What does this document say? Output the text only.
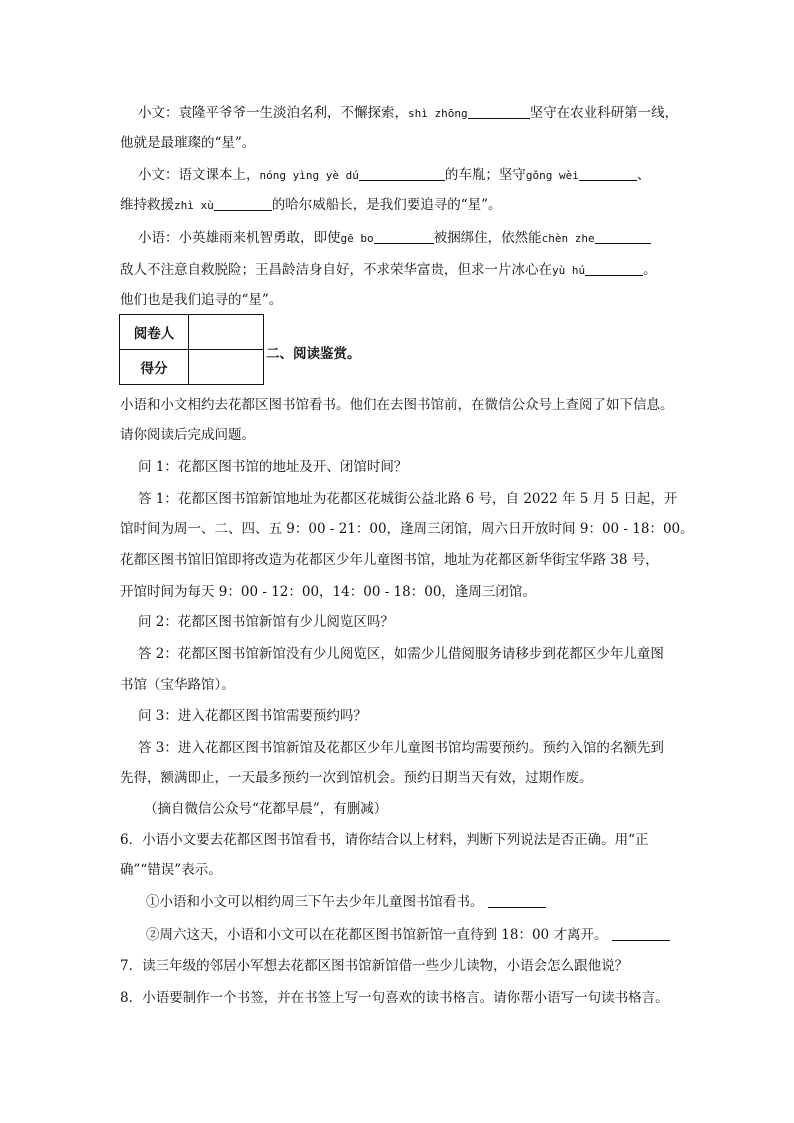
小文：袁隆平爷爷一生淡泊名利，不懈探索，shì zhōng	坚守在农业科研第一线，
他就是最璀璨的“星”。
小文：语文课本上，nóng yìng yè dú	的车胤；坚守gǒng wèi	、
维持救援zhì xù	的哈尔威船长，是我们要追寻的“星”。
小语：小英雄雨来机智勇敢，即使gē bo	被捆绑住，依然能chèn zhe
敌人不注意自救脱险；王昌龄洁身自好，不求荣华富贵，但求一片冰心在yù hú	。
他们也是我们追寻的“星”。
阅卷人	
得分	
二、阅读鉴赏。
小语和小文相约去花都区图书馆看书。他们在去图书馆前，在微信公众号上查阅了如下信息。
请你阅读后完成问题。
问 1：花都区图书馆的地址及开、闭馆时间？
答 1：花都区图书馆新馆地址为花都区花城街公益北路 6 号，自 2022 年 5 月 5 日起，开
馆时间为周一、二、四、五 9：00 - 21：00，逢周三闭馆，周六日开放时间 9：00 - 18：00。
花都区图书馆旧馆即将改造为花都区少年儿童图书馆，地址为花都区新华街宝华路 38 号，
开馆时间为每天 9：00 - 12：00，14：00 - 18：00，逢周三闭馆。
问 2：花都区图书馆新馆有少儿阅览区吗？
答 2：花都区图书馆新馆没有少儿阅览区，如需少儿借阅服务请移步到花都区少年儿童图
书馆（宝华路馆）。
问 3：进入花都区图书馆需要预约吗？
答 3：进入花都区图书馆新馆及花都区少年儿童图书馆均需要预约。预约入馆的名额先到
先得，额满即止，一天最多预约一次到馆机会。预约日期当天有效，过期作废。
（摘自微信公众号“花都早晨”，有删减）
6．小语小文要去花都区图书馆看书，请你结合以上材料，判断下列说法是否正确。用“正
确”“错误”表示。
①小语和小文可以相约周三下午去少年儿童图书馆看书。
②周六这天，小语和小文可以在花都区图书馆新馆一直待到 18：00 才离开。
7．读三年级的邻居小军想去花都区图书馆新馆借一些少儿读物，小语会怎么跟他说？
8．小语要制作一个书签，并在书签上写一句喜欢的读书格言。请你帮小语写一句读书格言。
